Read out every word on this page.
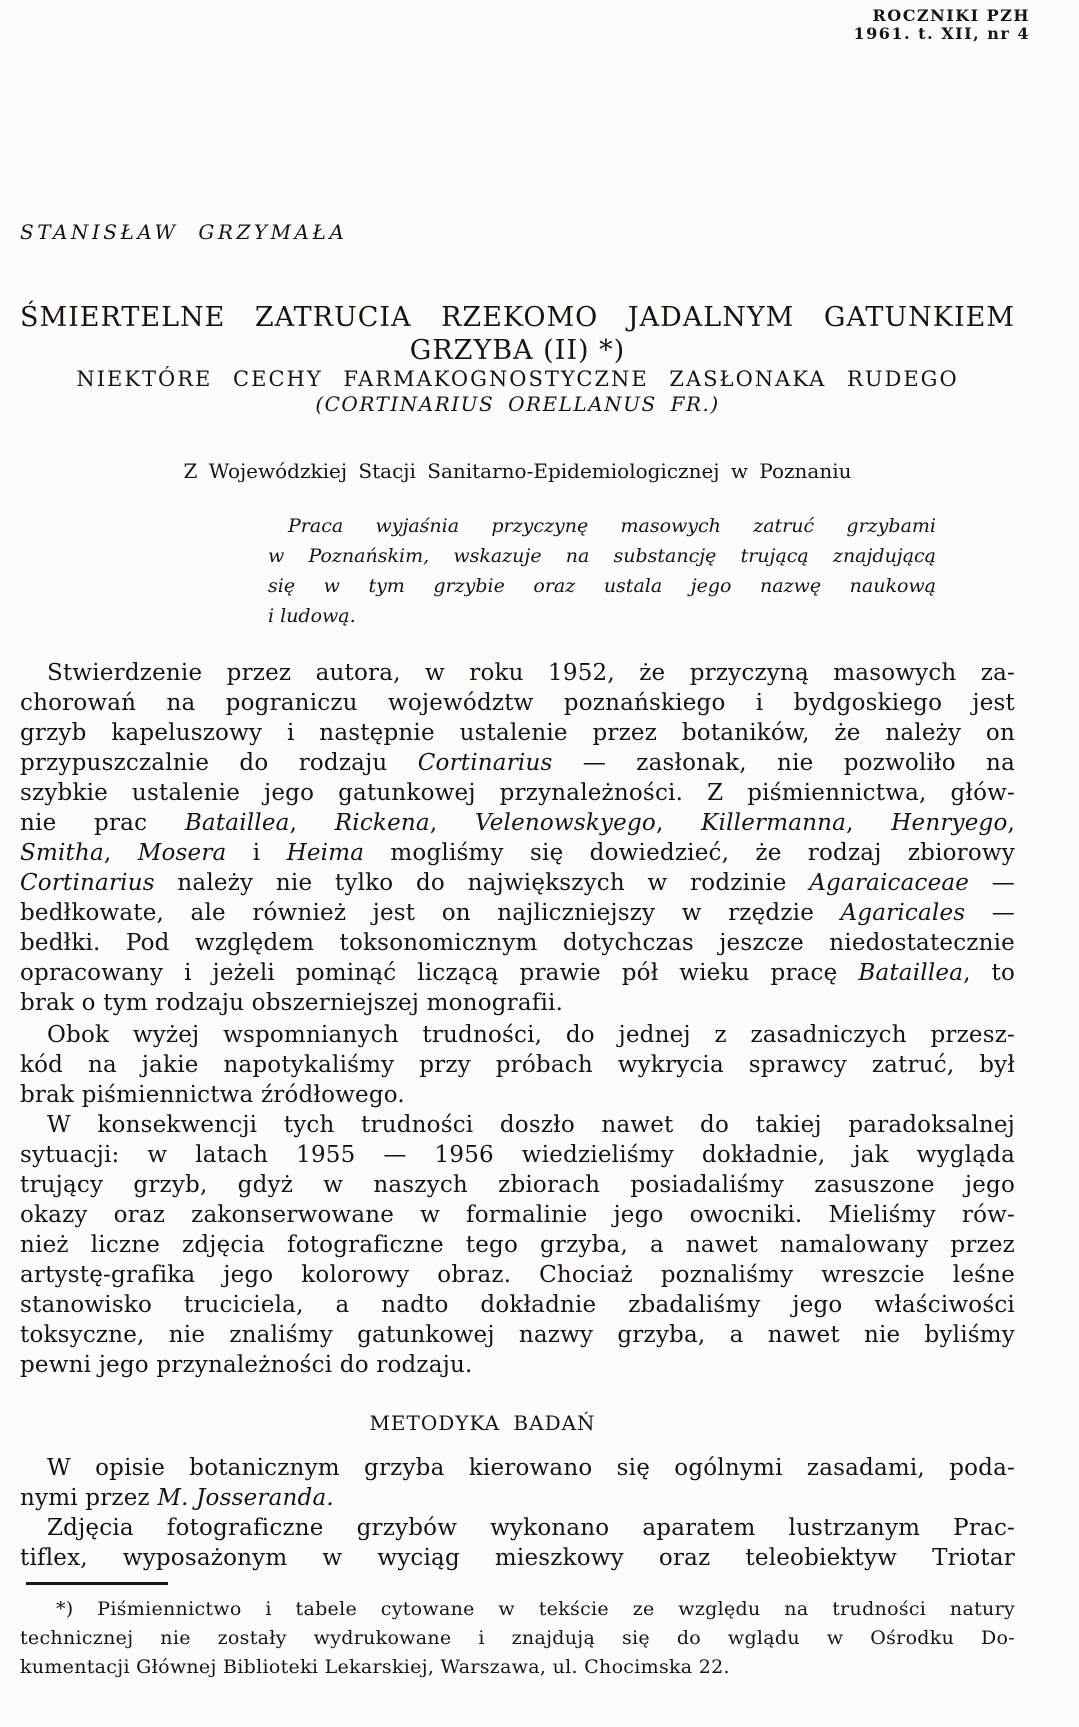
ROCZNIKI PZH
1961. t. XII, nr 4
STANISŁAW GRZYMAŁA
ŚMIERTELNE ZATRUCIA RZEKOMO JADALNYM GATUNKIEM
GRZYBA (II) *)
NIEKTÓRE CECHY FARMAKOGNOSTYCZNE ZASŁONAKA RUDEGO
(CORTINARIUS ORELLANUS FR.)
Z Wojewódzkiej Stacji Sanitarno-Epidemiologicznej w Poznaniu
Praca wyjaśnia przyczynę masowych zatruć grzybami
w Poznańskim, wskazuje na substancję trującą znajdującą
się w tym grzybie oraz ustala jego nazwę naukową
i ludową.
Stwierdzenie przez autora, w roku 1952, że przyczyną masowych za-
chorowań na pograniczu województw poznańskiego i bydgoskiego jest
grzyb kapeluszowy i następnie ustalenie przez botaników, że należy on
przypuszczalnie do rodzaju Cortinarius — zasłonak, nie pozwoliło na
szybkie ustalenie jego gatunkowej przynależności. Z piśmiennictwa, głów-
nie prac Bataillea, Rickena, Velenowskyego, Killermanna, Henryego,
Smitha, Mosera i Heima mogliśmy się dowiedzieć, że rodzaj zbiorowy
Cortinarius należy nie tylko do największych w rodzinie Agaraicaceae —
bedłkowate, ale również jest on najliczniejszy w rzędzie Agaricales —
bedłki. Pod względem toksonomicznym dotychczas jeszcze niedostatecznie
opracowany i jeżeli pominąć liczącą prawie pół wieku pracę Bataillea, to
brak o tym rodzaju obszerniejszej monografii.
Obok wyżej wspomnianych trudności, do jednej z zasadniczych przesz-
kód na jakie napotykaliśmy przy próbach wykrycia sprawcy zatruć, był
brak piśmiennictwa źródłowego.
W konsekwencji tych trudności doszło nawet do takiej paradoksalnej
sytuacji: w latach 1955 — 1956 wiedzieliśmy dokładnie, jak wygląda
trujący grzyb, gdyż w naszych zbiorach posiadaliśmy zasuszone jego
okazy oraz zakonserwowane w formalinie jego owocniki. Mieliśmy rów-
nież liczne zdjęcia fotograficzne tego grzyba, a nawet namalowany przez
artystę-grafika jego kolorowy obraz. Chociaż poznaliśmy wreszcie leśne
stanowisko truciciela, a nadto dokładnie zbadaliśmy jego właściwości
toksyczne, nie znaliśmy gatunkowej nazwy grzyba, a nawet nie byliśmy
pewni jego przynależności do rodzaju.
METODYKA BADAŃ
W opisie botanicznym grzyba kierowano się ogólnymi zasadami, poda-
nymi przez M. Josseranda.
Zdjęcia fotograficzne grzybów wykonano aparatem lustrzanym Prac-
tiflex, wyposażonym w wyciąg mieszkowy oraz teleobiektyw Triotar
*) Piśmiennictwo i tabele cytowane w tekście ze względu na trudności natury
technicznej nie zostały wydrukowane i znajdują się do wglądu w Ośrodku Do-
kumentacji Głównej Biblioteki Lekarskiej, Warszawa, ul. Chocimska 22.
